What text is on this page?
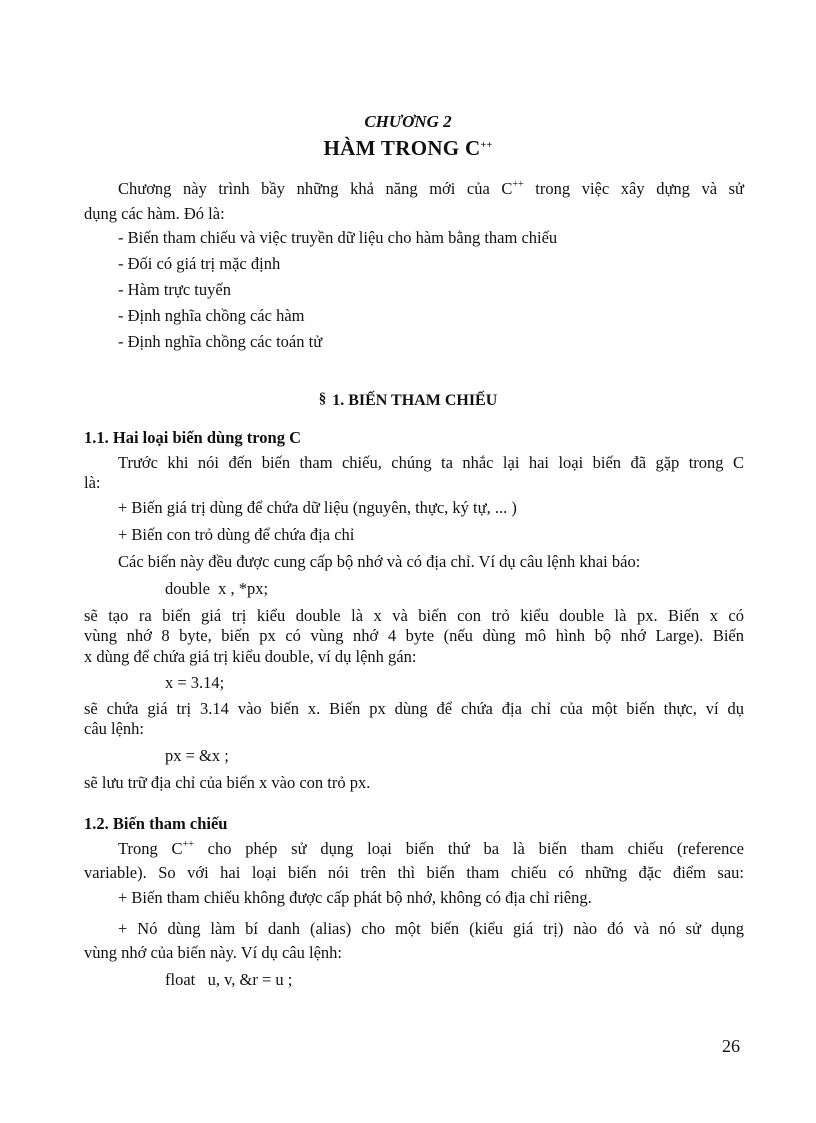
CHƯƠNG 2
HÀM TRONG C++
Chương này trình bầy những khả năng mới của C++ trong việc xây dựng và sử
dụng các hàm. Đó là:
- Biến tham chiếu và việc truyền dữ liệu cho hàm bằng tham chiếu
- Đối có giá trị mặc định
- Hàm trực tuyến
- Định nghĩa chồng các hàm
- Định nghĩa chồng các toán tử
§ 1. BIẾN THAM CHIẾU
1.1. Hai loại biến dùng trong C
Trước khi nói đến biến tham chiếu, chúng ta nhắc lại hai loại biến đã gặp trong C
là:
+ Biến giá trị dùng để chứa dữ liệu (nguyên, thực, ký tự, ... )
+ Biến con trỏ dùng để chứa địa chỉ
Các biến này đều được cung cấp bộ nhớ và có địa chỉ. Ví dụ câu lệnh khai báo:
double  x , *px;
sẽ tạo ra biến giá trị kiểu double là x và biến con trỏ kiểu double là px. Biến x có
vùng nhớ 8 byte, biến px có vùng nhớ 4 byte (nếu dùng mô hình bộ nhớ Large). Biến
x dùng để chứa giá trị kiểu double, ví dụ lệnh gán:
x = 3.14;
sẽ chứa giá trị 3.14 vào biến x. Biến px dùng để chứa địa chỉ của một biến thực, ví dụ
câu lệnh:
px = &x ;
sẽ lưu trữ địa chỉ của biến x vào con trỏ px.
1.2. Biến tham chiếu
Trong C++ cho phép sử dụng loại biến thứ ba là biến tham chiếu (reference
variable). So với hai loại biến nói trên thì biến tham chiếu có những đặc điểm sau:
+ Biến tham chiếu không được cấp phát bộ nhớ, không có địa chỉ riêng.
+ Nó dùng làm bí danh (alias) cho một biến (kiểu giá trị) nào đó và nó sử dụng
vùng nhớ của biến này. Ví dụ câu lệnh:
float   u, v, &r = u ;
26
